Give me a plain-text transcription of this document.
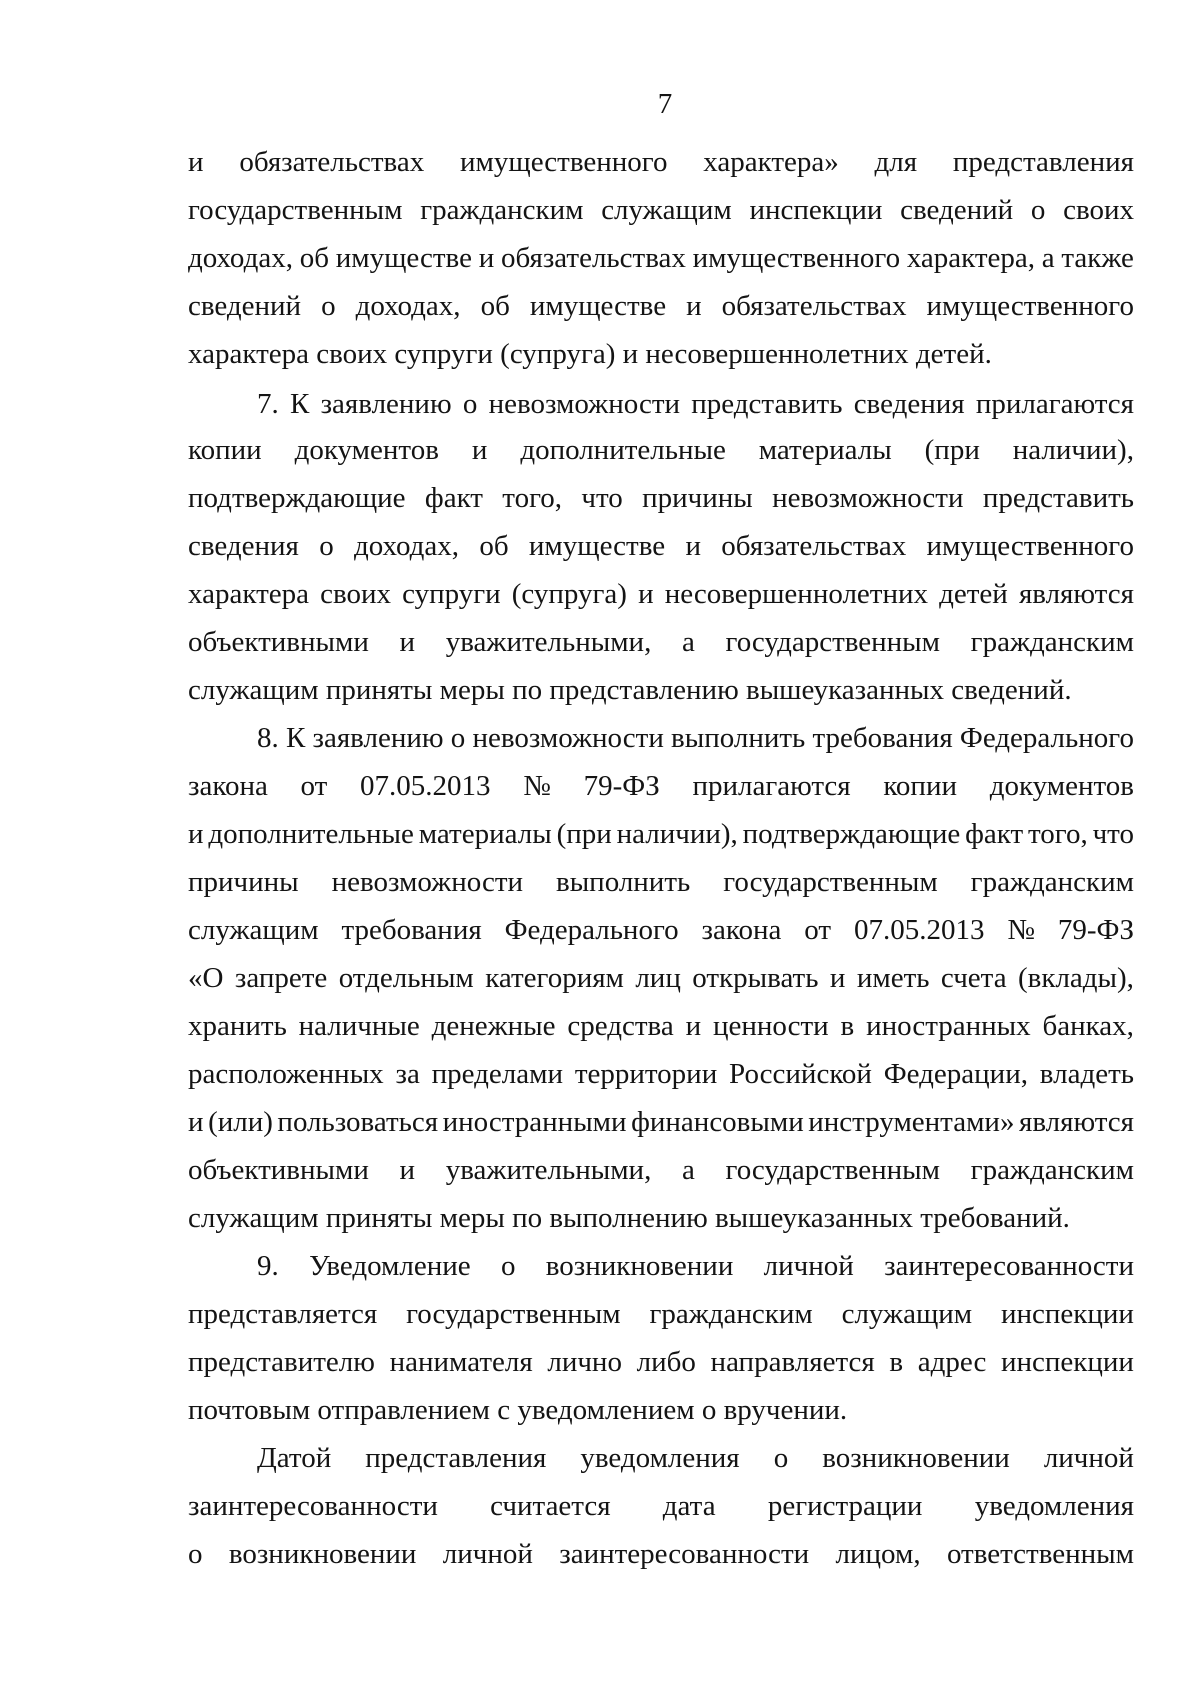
7
и обязательствах имущественного характера» для представления
государственным гражданским служащим инспекции сведений о своих
доходах, об имуществе и обязательствах имущественного характера, а также
сведений о доходах, об имуществе и обязательствах имущественного
характера своих супруги (супруга) и несовершеннолетних детей.
7. К заявлению о невозможности представить сведения прилагаются
копии документов и дополнительные материалы (при наличии),
подтверждающие факт того, что причины невозможности представить
сведения о доходах, об имуществе и обязательствах имущественного
характера своих супруги (супруга) и несовершеннолетних детей являются
объективными и уважительными, а государственным гражданским
служащим приняты меры по представлению вышеуказанных сведений.
8. К заявлению о невозможности выполнить требования Федерального
закона от 07.05.2013 № 79-ФЗ прилагаются копии документов
и дополнительные материалы (при наличии), подтверждающие факт того, что
причины невозможности выполнить государственным гражданским
служащим требования Федерального закона от 07.05.2013 № 79-ФЗ
«О запрете отдельным категориям лиц открывать и иметь счета (вклады),
хранить наличные денежные средства и ценности в иностранных банках,
расположенных за пределами территории Российской Федерации, владеть
и (или) пользоваться иностранными финансовыми инструментами» являются
объективными и уважительными, а государственным гражданским
служащим приняты меры по выполнению вышеуказанных требований.
9. Уведомление о возникновении личной заинтересованности
представляется государственным гражданским служащим инспекции
представителю нанимателя лично либо направляется в адрес инспекции
почтовым отправлением с уведомлением о вручении.
Датой представления уведомления о возникновении личной
заинтересованности считается дата регистрации уведомления
о возникновении личной заинтересованности лицом, ответственным
